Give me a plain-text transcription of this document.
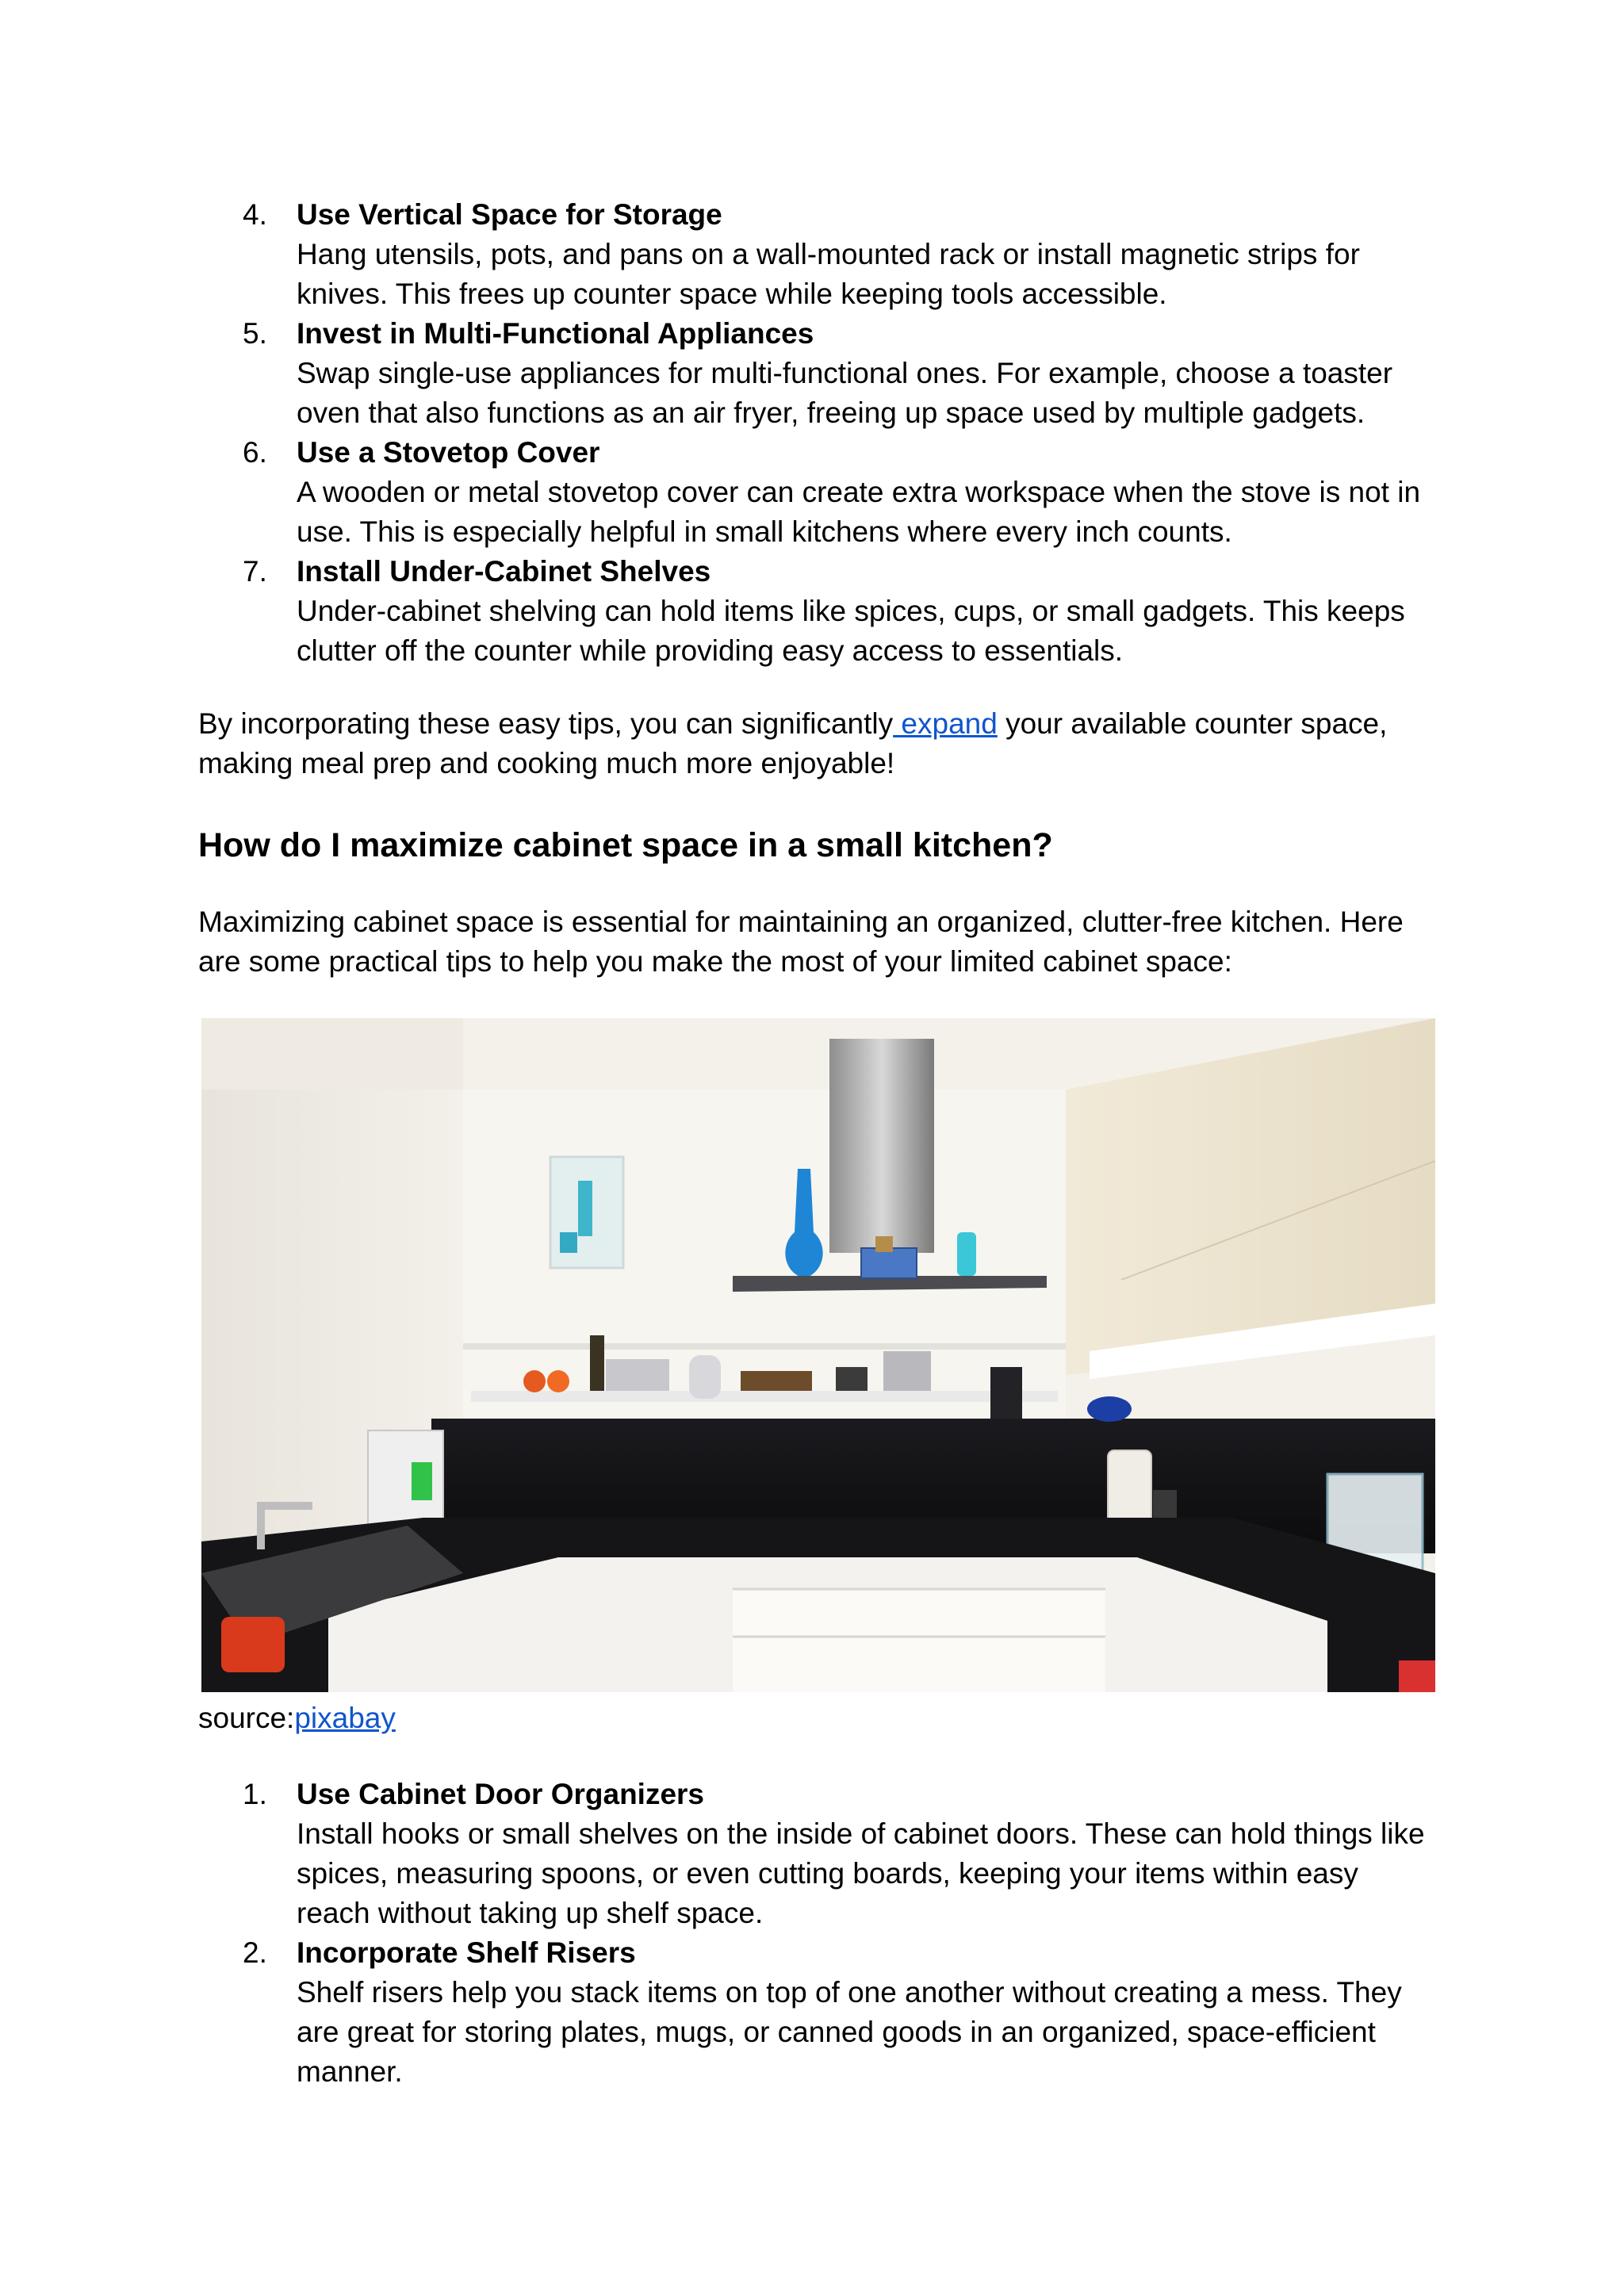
4. Use Vertical Space for Storage
Hang utensils, pots, and pans on a wall-mounted rack or install magnetic strips for knives. This frees up counter space while keeping tools accessible.
5. Invest in Multi-Functional Appliances
Swap single-use appliances for multi-functional ones. For example, choose a toaster oven that also functions as an air fryer, freeing up space used by multiple gadgets.
6. Use a Stovetop Cover
A wooden or metal stovetop cover can create extra workspace when the stove is not in use. This is especially helpful in small kitchens where every inch counts.
7. Install Under-Cabinet Shelves
Under-cabinet shelving can hold items like spices, cups, or small gadgets. This keeps clutter off the counter while providing easy access to essentials.

By incorporating these easy tips, you can significantly expand your available counter space, making meal prep and cooking much more enjoyable!

How do I maximize cabinet space in a small kitchen?

Maximizing cabinet space is essential for maintaining an organized, clutter-free kitchen. Here are some practical tips to help you make the most of your limited cabinet space:

source:pixabay
1. Use Cabinet Door Organizers
Install hooks or small shelves on the inside of cabinet doors. These can hold things like spices, measuring spoons, or even cutting boards, keeping your items within easy reach without taking up shelf space.
2. Incorporate Shelf Risers
Shelf risers help you stack items on top of one another without creating a mess. They are great for storing plates, mugs, or canned goods in an organized, space-efficient manner.
